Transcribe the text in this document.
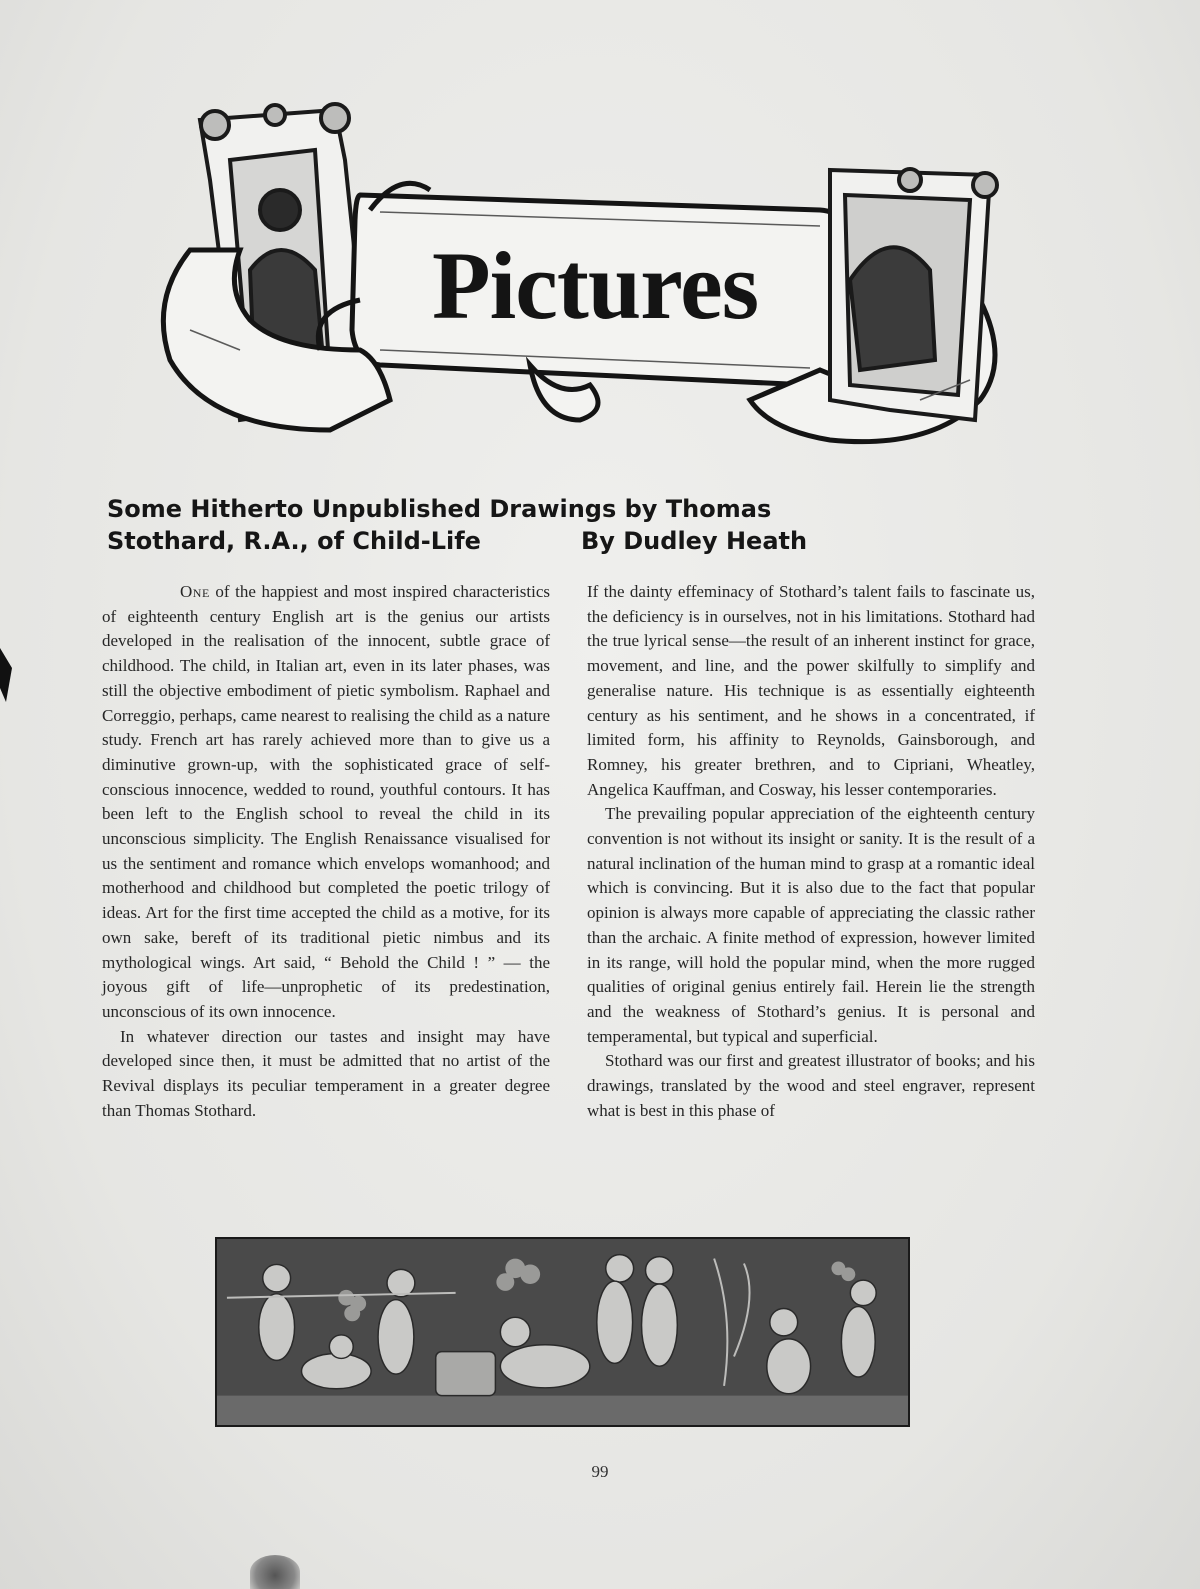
Pictures
Some Hitherto Unpublished Drawings by Thomas
Stothard, R.A., of Child-Life	By Dudley Heath

One of the happiest and most inspired characteristics of eighteenth century English art is the genius our artists developed in the realisation of the innocent, subtle grace of childhood. The child, in Italian art, even in its later phases, was still the objective embodiment of pietic symbolism. Raphael and Correggio, perhaps, came nearest to realising the child as a nature study. French art has rarely achieved more than to give us a diminutive grown-up, with the sophisticated grace of self-conscious innocence, wedded to round, youthful contours. It has been left to the English school to reveal the child in its unconscious simplicity. The English Renaissance visualised for us the sentiment and romance which envelops womanhood; and motherhood and childhood but completed the poetic trilogy of ideas. Art for the first time accepted the child as a motive, for its own sake, bereft of its traditional pietic nimbus and its mythological wings. Art said, “ Behold the Child ! ” — the joyous gift of life—unprophetic of its predestination, unconscious of its own innocence.

In whatever direction our tastes and insight may have developed since then, it must be admitted that no artist of the Revival displays its peculiar temperament in a greater degree than Thomas Stothard.

If the dainty effeminacy of Stothard’s talent fails to fascinate us, the deficiency is in ourselves, not in his limitations. Stothard had the true lyrical sense—the result of an inherent instinct for grace, movement, and line, and the power skilfully to simplify and generalise nature. His technique is as essentially eighteenth century as his sentiment, and he shows in a concentrated, if limited form, his affinity to Reynolds, Gainsborough, and Romney, his greater brethren, and to Cipriani, Wheatley, Angelica Kauffman, and Cosway, his lesser contemporaries.

The prevailing popular appreciation of the eighteenth century convention is not without its insight or sanity. It is the result of a natural inclination of the human mind to grasp at a romantic ideal which is convincing. But it is also due to the fact that popular opinion is always more capable of appreciating the classic rather than the archaic. A finite method of expression, however limited in its range, will hold the popular mind, when the more rugged qualities of original genius entirely fail. Herein lie the strength and the weakness of Stothard’s genius. It is personal and temperamental, but typical and superficial.

Stothard was our first and greatest illustrator of books; and his drawings, translated by the wood and steel engraver, represent what is best in this phase of

99
